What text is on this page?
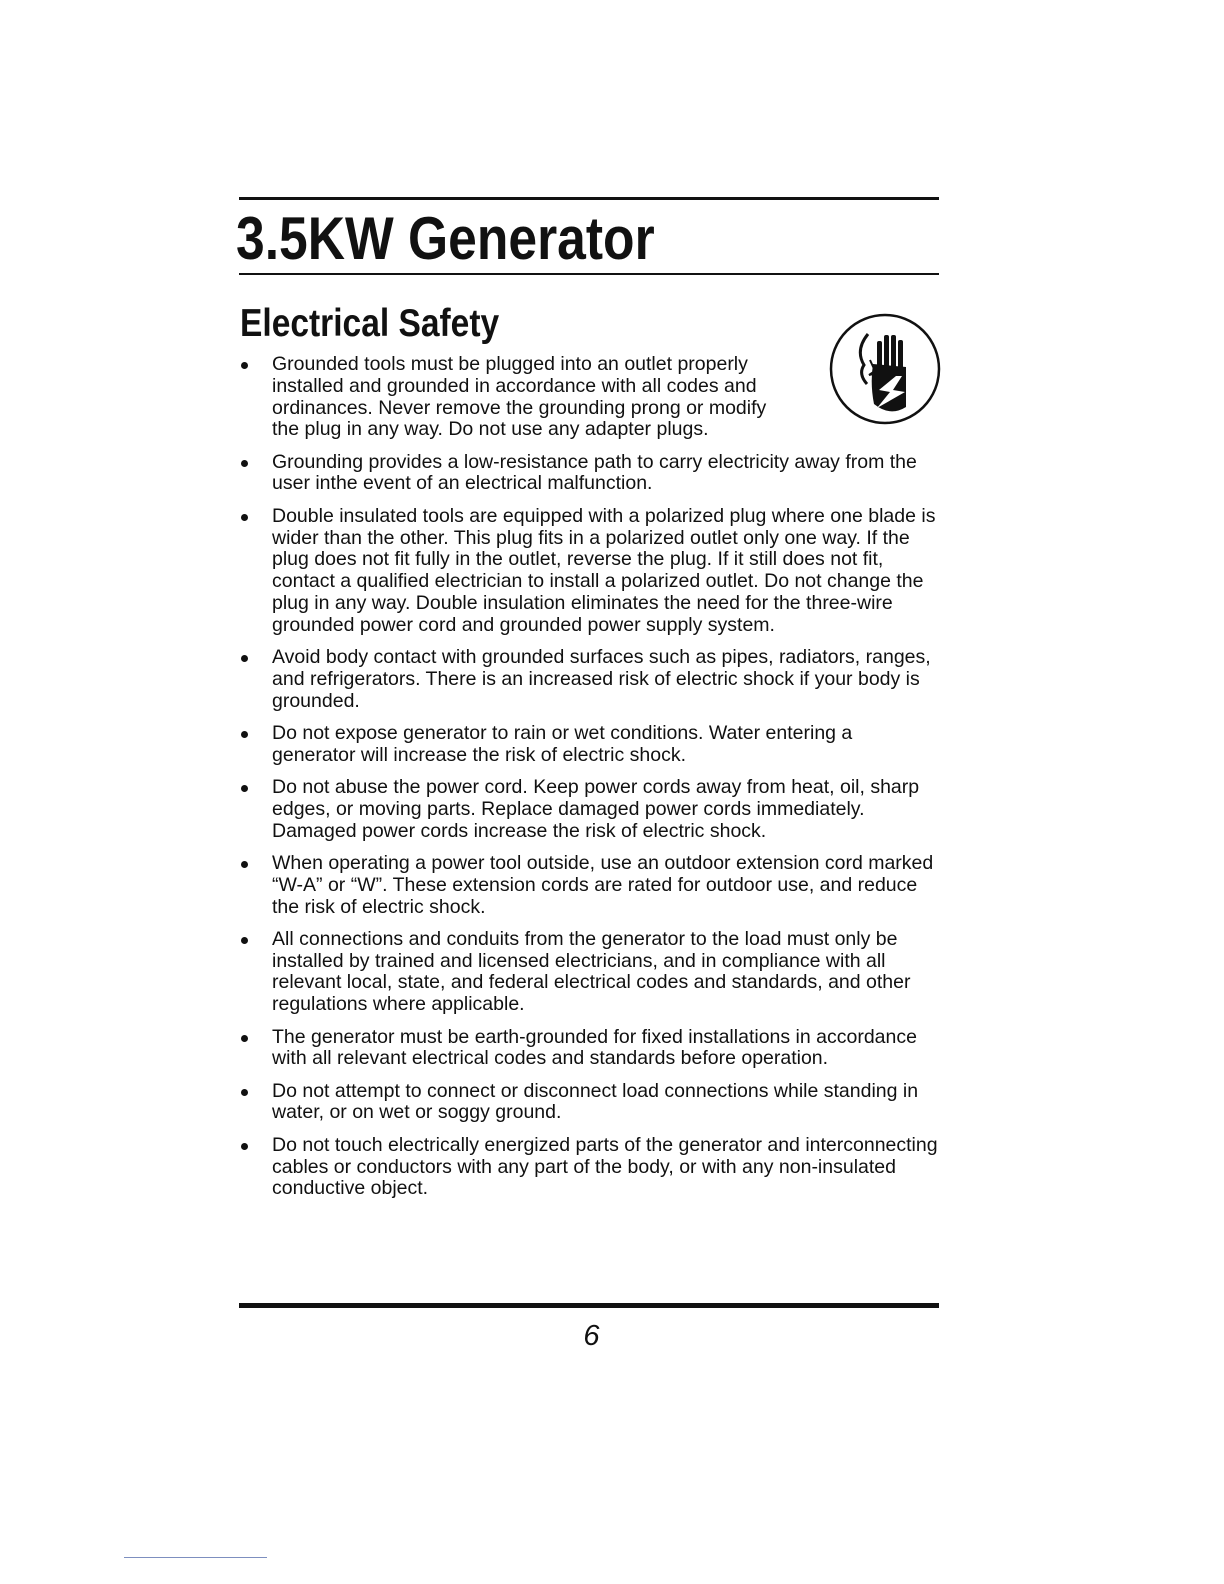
3.5KW Generator
Electrical Safety
Grounded tools must be plugged into an outlet properly installed and grounded in accordance with all codes and ordinances. Never remove the grounding prong or modify the plug in any way. Do not use any adapter plugs.
Grounding provides a low-resistance path to carry electricity away from the user inthe event of an electrical malfunction.
Double insulated tools are equipped with a polarized plug where one blade is wider than the other. This plug fits in a polarized outlet only one way. If the plug does not fit fully in the outlet, reverse the plug. If it still does not fit, contact a qualified electrician to install a polarized outlet. Do not change the plug in any way. Double insulation eliminates the need for the three-wire grounded power cord and grounded power supply system.
Avoid body contact with grounded surfaces such as pipes, radiators, ranges, and refrigerators. There is an increased risk of electric shock if your body is grounded.
Do not expose generator to rain or wet conditions. Water entering a generator will increase the risk of electric shock.
Do not abuse the power cord. Keep power cords away from heat, oil, sharp edges, or moving parts. Replace damaged power cords immediately. Damaged power cords increase the risk of electric shock.
When operating a power tool outside, use an outdoor extension cord marked “W-A” or “W”. These extension cords are rated for outdoor use, and reduce the risk of electric shock.
All connections and conduits from the generator to the load must only be installed by trained and licensed electricians, and in compliance with all relevant local, state, and federal electrical codes and standards, and other regulations where applicable.
The generator must be earth-grounded for fixed installations in accordance with all relevant electrical codes and standards before operation.
Do not attempt to connect or disconnect load connections while standing in water, or on wet or soggy ground.
Do not touch electrically energized parts of the generator and interconnecting cables or conductors with any part of the body, or with any non-insulated conductive object.
6
